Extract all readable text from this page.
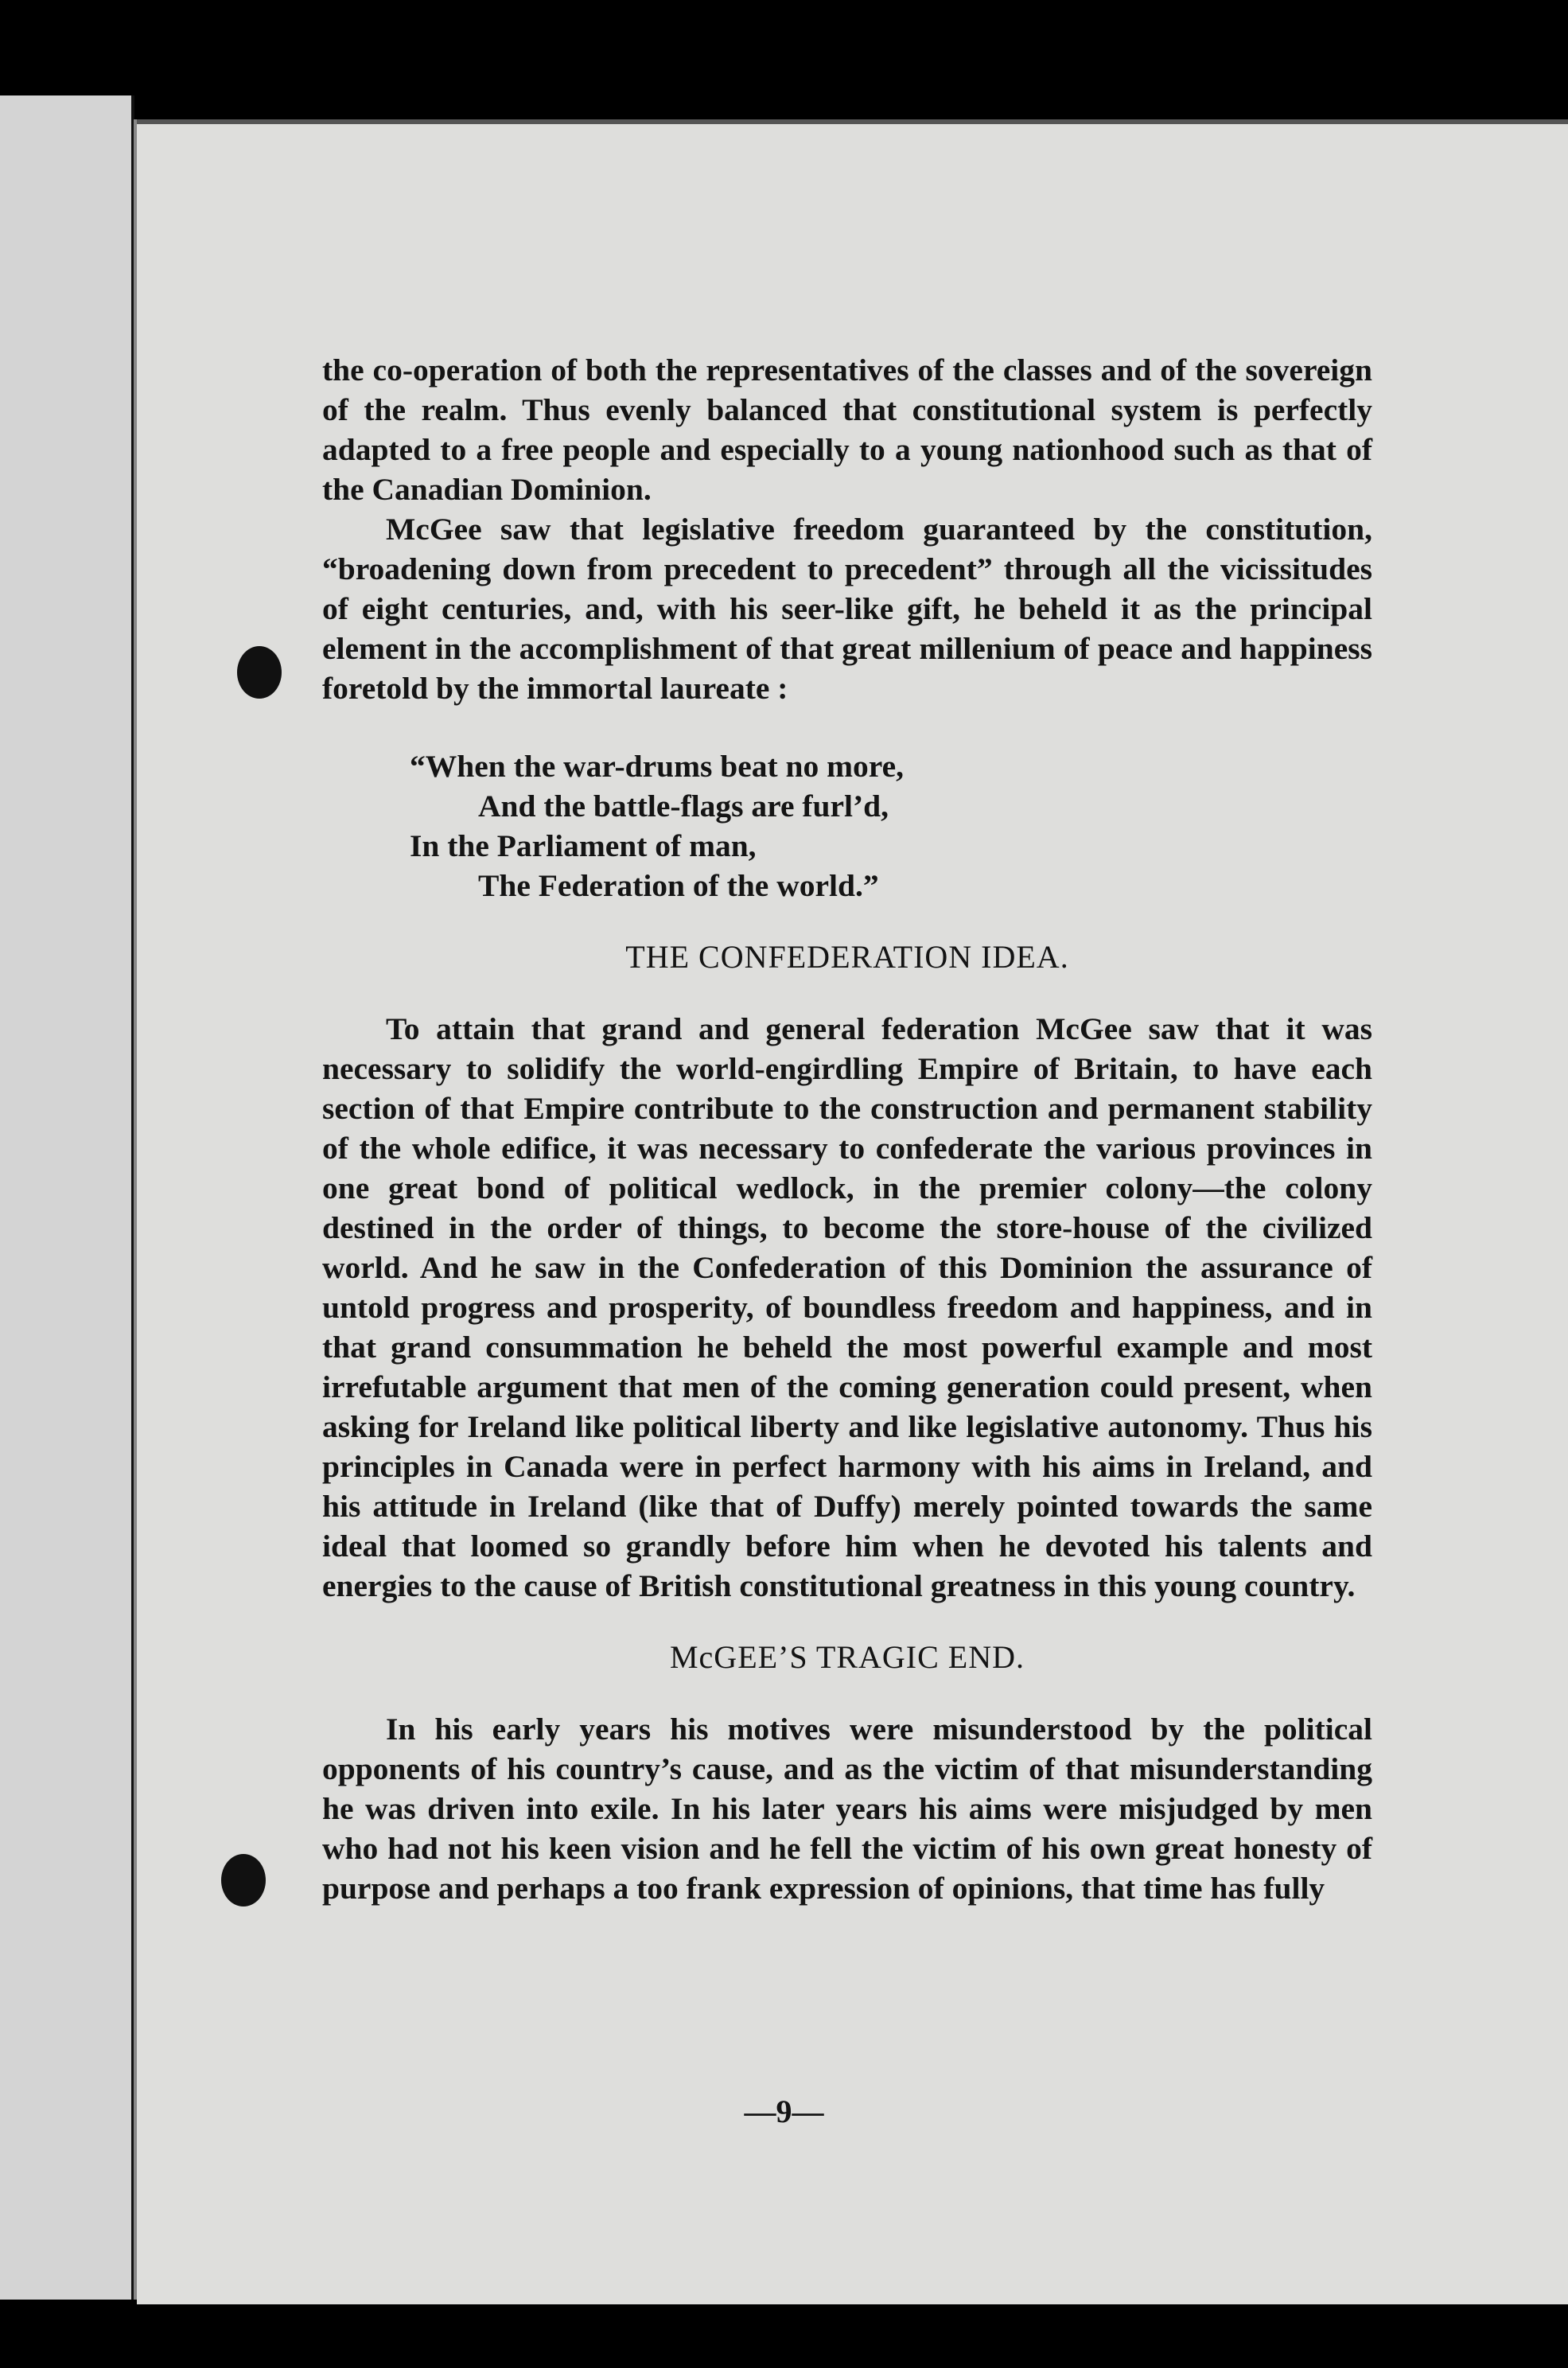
the co-operation of both the representatives of the classes and of the sovereign of the realm. Thus evenly balanced that constitutional system is perfectly adapted to a free people and especially to a young nationhood such as that of the Canadian Dominion.

McGee saw that legislative freedom guaranteed by the constitution, “broadening down from precedent to precedent” through all the vicissitudes of eight centuries, and, with his seer-like gift, he beheld it as the principal element in the accomplishment of that great millenium of peace and happiness foretold by the immortal laureate :

“When the war-drums beat no more,
And the battle-flags are furl’d,
In the Parliament of man,
The Federation of the world.”
THE CONFEDERATION IDEA.

To attain that grand and general federation McGee saw that it was necessary to solidify the world-engirdling Empire of Britain, to have each section of that Empire contribute to the construction and permanent stability of the whole edifice, it was necessary to confederate the various provinces in one great bond of political wedlock, in the premier colony—the colony destined in the order of things, to become the store-house of the civilized world. And he saw in the Confederation of this Dominion the assurance of untold progress and prosperity, of boundless freedom and happiness, and in that grand consummation he beheld the most powerful example and most irrefutable argument that men of the coming generation could present, when asking for Ireland like political liberty and like legislative autonomy. Thus his principles in Canada were in perfect harmony with his aims in Ireland, and his attitude in Ireland (like that of Duffy) merely pointed towards the same ideal that loomed so grandly before him when he devoted his talents and energies to the cause of British constitutional greatness in this young country.

McGEE’S TRAGIC END.

In his early years his motives were misunderstood by the political opponents of his country’s cause, and as the victim of that misunderstanding he was driven into exile. In his later years his aims were misjudged by men who had not his keen vision and he fell the victim of his own great honesty of purpose and perhaps a too frank expression of opinions, that time has fully

—9—
